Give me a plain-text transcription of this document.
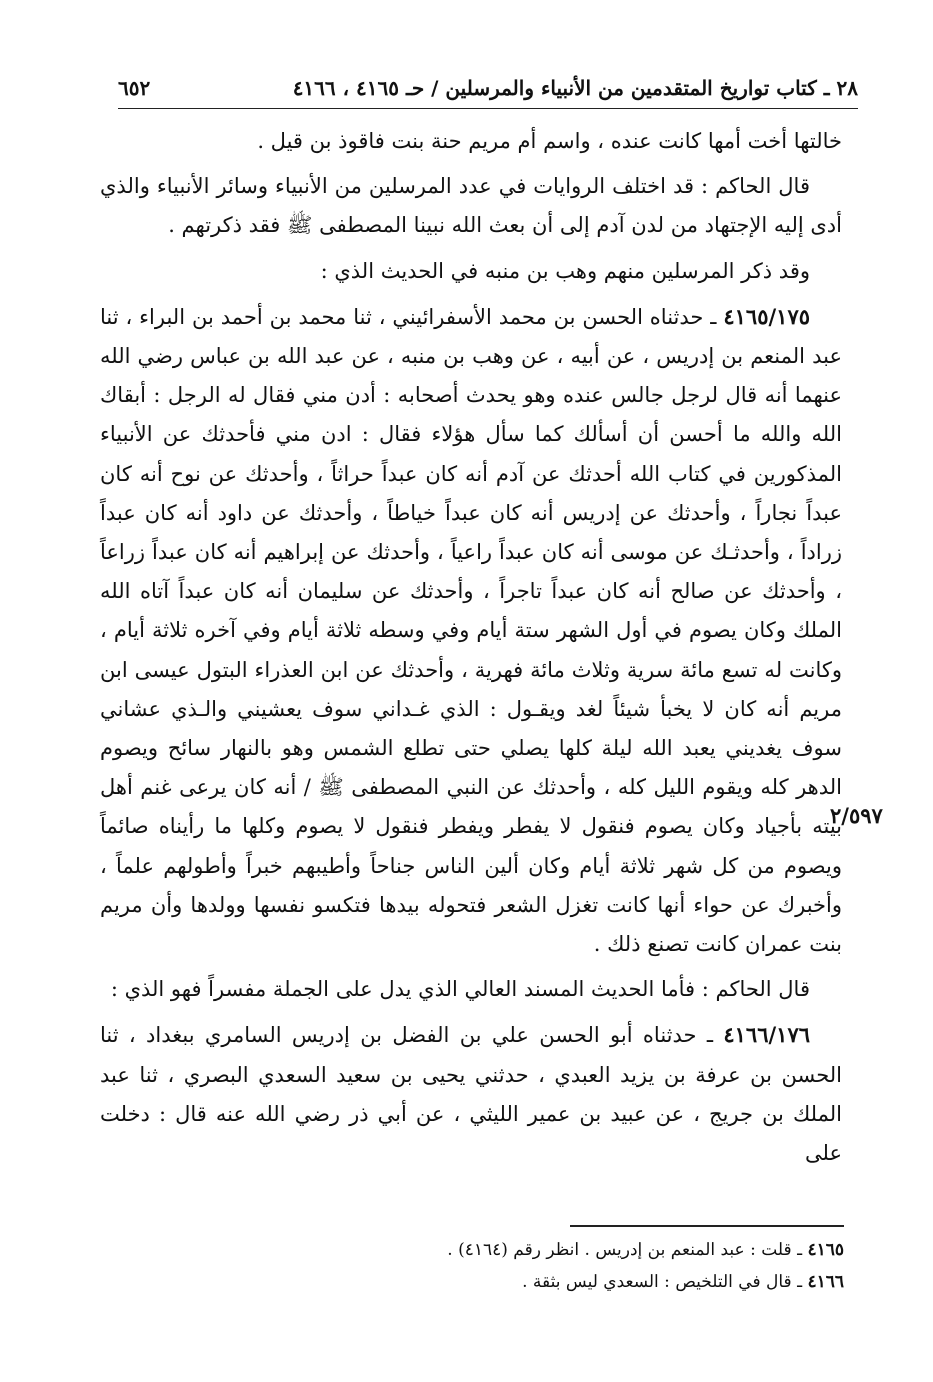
٢٨ ـ كتاب تواريخ المتقدمين من الأنبياء والمرسلين / حـ ٤١٦٥ ، ٤١٦٦
٦٥٢
٢/٥٩٧

خالتها أخت أمها كانت عنده ، واسم أم مريم حنة بنت فاقوذ بن قيل .

قال الحاكم : قد اختلف الروايات في عدد المرسلين من الأنبياء وسائر الأنبياء والذي أدى إليه الإجتهاد من لدن آدم إلى أن بعث الله نبينا المصطفى ﷺ فقد ذكرتهم .

وقد ذكر المرسلين منهم وهب بن منبه في الحديث الذي :

٤١٦٥/١٧٥ ـ حدثناه الحسن بن محمد الأسفرائيني ، ثنا محمد بن أحمد بن البراء ، ثنا عبد المنعم بن إدريس ، عن أبيه ، عن وهب بن منبه ، عن عبد الله بن عباس رضي الله عنهما أنه قال لرجل جالس عنده وهو يحدث أصحابه : أدن مني فقال له الرجل : أبقاك الله والله ما أحسن أن أسألك كما سأل هؤلاء فقال : ادن مني فأحدثك عن الأنبياء المذكورين في كتاب الله أحدثك عن آدم أنه كان عبداً حراثاً ، وأحدثك عن نوح أنه كان عبداً نجاراً ، وأحدثك عن إدريس أنه كان عبداً خياطاً ، وأحدثك عن داود أنه كان عبداً زراداً ، وأحدثـك عن موسى أنه كان عبداً راعياً ، وأحدثك عن إبراهيم أنه كان عبداً زراعاً ، وأحدثك عن صالح أنه كان عبداً تاجراً ، وأحدثك عن سليمان أنه كان عبداً آتاه الله الملك وكان يصوم في أول الشهر ستة أيام وفي وسطه ثلاثة أيام وفي آخره ثلاثة أيام ، وكانت له تسع مائة سرية وثلاث مائة فهرية ، وأحدثك عن ابن العذراء البتول عيسى ابن مريم أنه كان لا يخبأ شيئاً لغد ويقـول : الذي غـداني سوف يعشيني والـذي عشاني سوف يغديني يعبد الله ليلة كلها يصلي حتى تطلع الشمس وهو بالنهار سائح ويصوم الدهر كله ويقوم الليل كله ، وأحدثك عن النبي المصطفى ﷺ / أنه كان يرعى غنم أهل بيته بأجياد وكان يصوم فنقول لا يفطر ويفطر فنقول لا يصوم وكلها ما رأيناه صائماً ويصوم من كل شهر ثلاثة أيام وكان ألين الناس جناحاً وأطيبهم خبراً وأطولهم علماً ، وأخبرك عن حواء أنها كانت تغزل الشعر فتحوله بيدها فتكسو نفسها وولدها وأن مريم بنت عمران كانت تصنع ذلك .

قال الحاكم : فأما الحديث المسند العالي الذي يدل على الجملة مفسراً فهو الذي :

٤١٦٦/١٧٦ ـ حدثناه أبو الحسن علي بن الفضل بن إدريس السامري ببغداد ، ثنا الحسن بن عرفة بن يزيد العبدي ، حدثني يحيى بن سعيد السعدي البصري ، ثنا عبد الملك بن جريج ، عن عبيد بن عمير الليثي ، عن أبي ذر رضي الله عنه قال : دخلت على

٤١٦٥ ـ قلت : عبد المنعم بن إدريس . انظر رقم (٤١٦٤) .

٤١٦٦ ـ قال في التلخيص : السعدي ليس بثقة .
